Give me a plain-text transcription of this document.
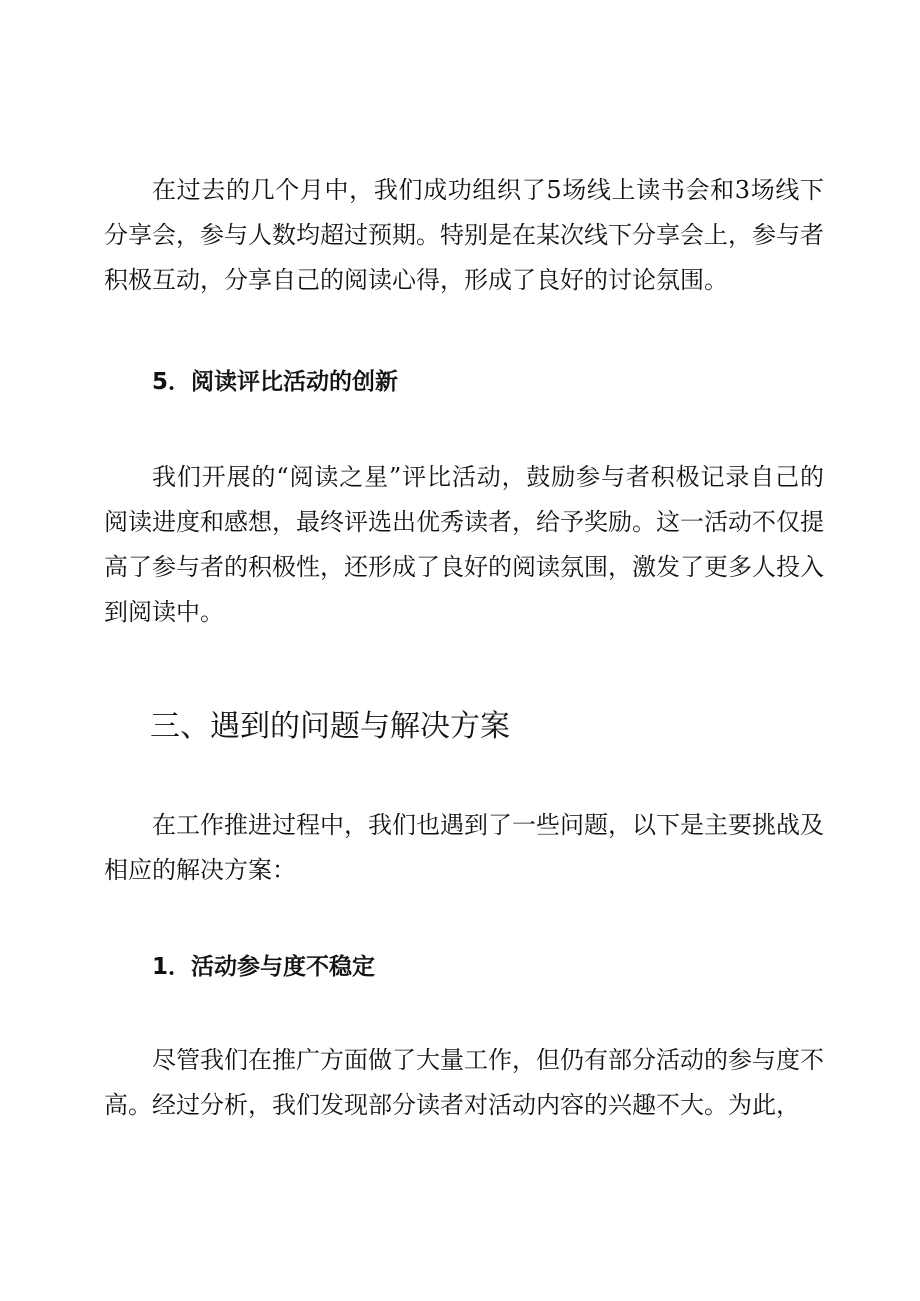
在过去的几个月中，我们成功组织了5场线上读书会和3场线下分享会，参与人数均超过预期。特别是在某次线下分享会上，参与者积极互动，分享自己的阅读心得，形成了良好的讨论氛围。

5．阅读评比活动的创新

我们开展的“阅读之星”评比活动，鼓励参与者积极记录自己的阅读进度和感想，最终评选出优秀读者，给予奖励。这一活动不仅提高了参与者的积极性，还形成了良好的阅读氛围，激发了更多人投入到阅读中。

三、遇到的问题与解决方案

在工作推进过程中，我们也遇到了一些问题，以下是主要挑战及相应的解决方案：

1．活动参与度不稳定

尽管我们在推广方面做了大量工作，但仍有部分活动的参与度不高。经过分析，我们发现部分读者对活动内容的兴趣不大。为此，
